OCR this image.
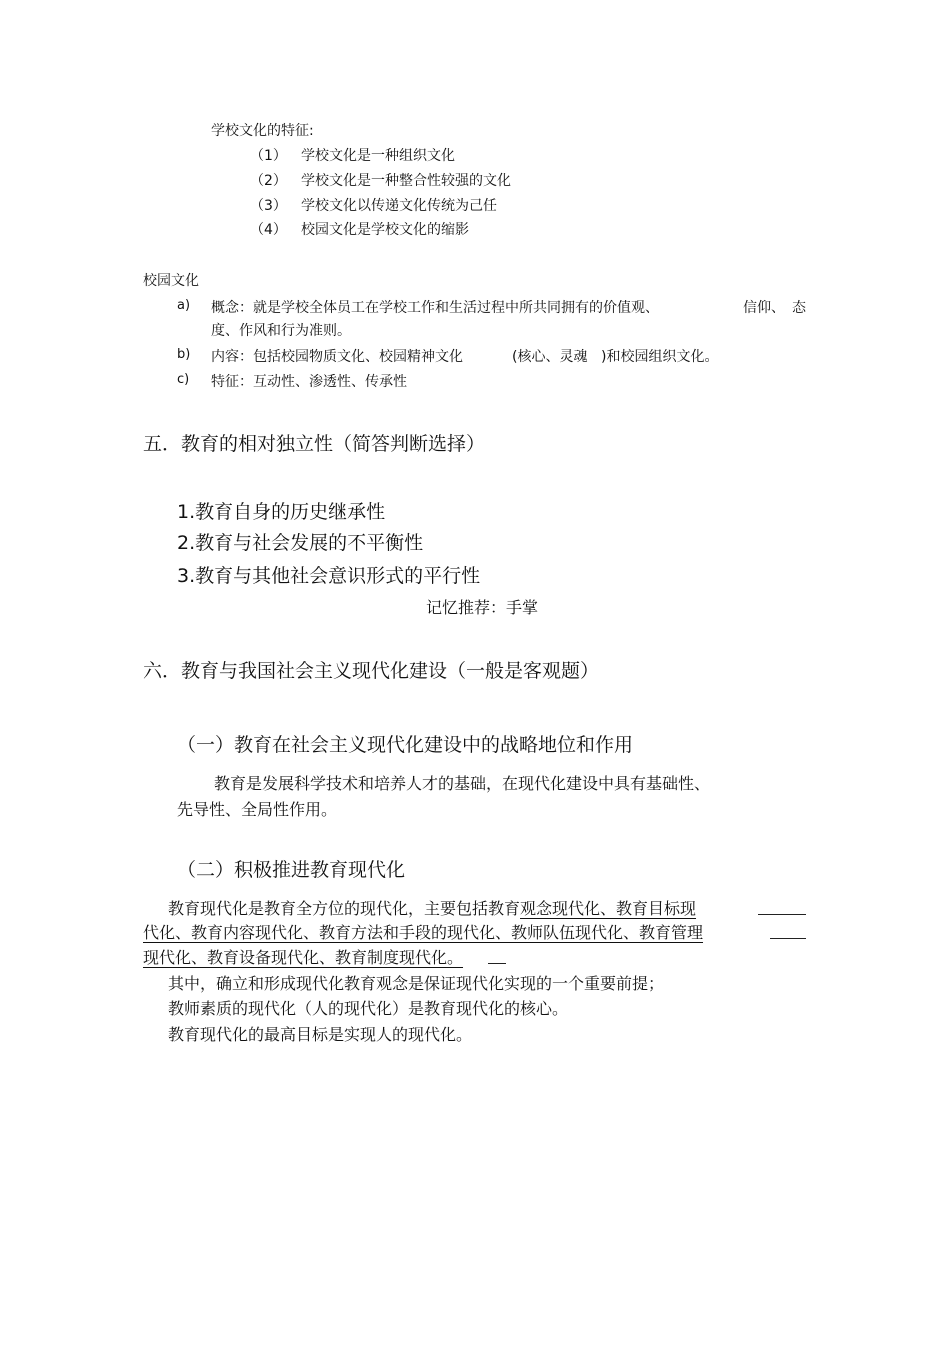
学校文化的特征:
（1） 学校文化是一种组织文化
（2） 学校文化是一种整合性较强的文化
（3） 学校文化以传递文化传统为己任
（4） 校园文化是学校文化的缩影
校园文化
a) 概念：就是学校全体员工在学校工作和生活过程中所共同拥有的价值观、	信仰、 态
度、作风和行为准则。
b) 内容：包括校园物质文化、校园精神文化	(核心、灵魂 )和校园组织文化。
c) 特征：互动性、渗透性、传承性
五．教育的相对独立性（简答判断选择）
1.教育自身的历史继承性
2.教育与社会发展的不平衡性
3.教育与其他社会意识形式的平行性
记忆推荐：手掌
六．教育与我国社会主义现代化建设（一般是客观题）
（一）教育在社会主义现代化建设中的战略地位和作用
教育是发展科学技术和培养人才的基础，在现代化建设中具有基础性、
先导性、全局性作用。
（二）积极推进教育现代化
教育现代化是教育全方位的现代化，主要包括教育观念现代化、教育目标现
代化、教育内容现代化、教育方法和手段的现代化、教师队伍现代化、教育管理
现代化、教育设备现代化、教育制度现代化。
其中，确立和形成现代化教育观念是保证现代化实现的一个重要前提；
教师素质的现代化（人的现代化）是教育现代化的核心。
教育现代化的最高目标是实现人的现代化。
